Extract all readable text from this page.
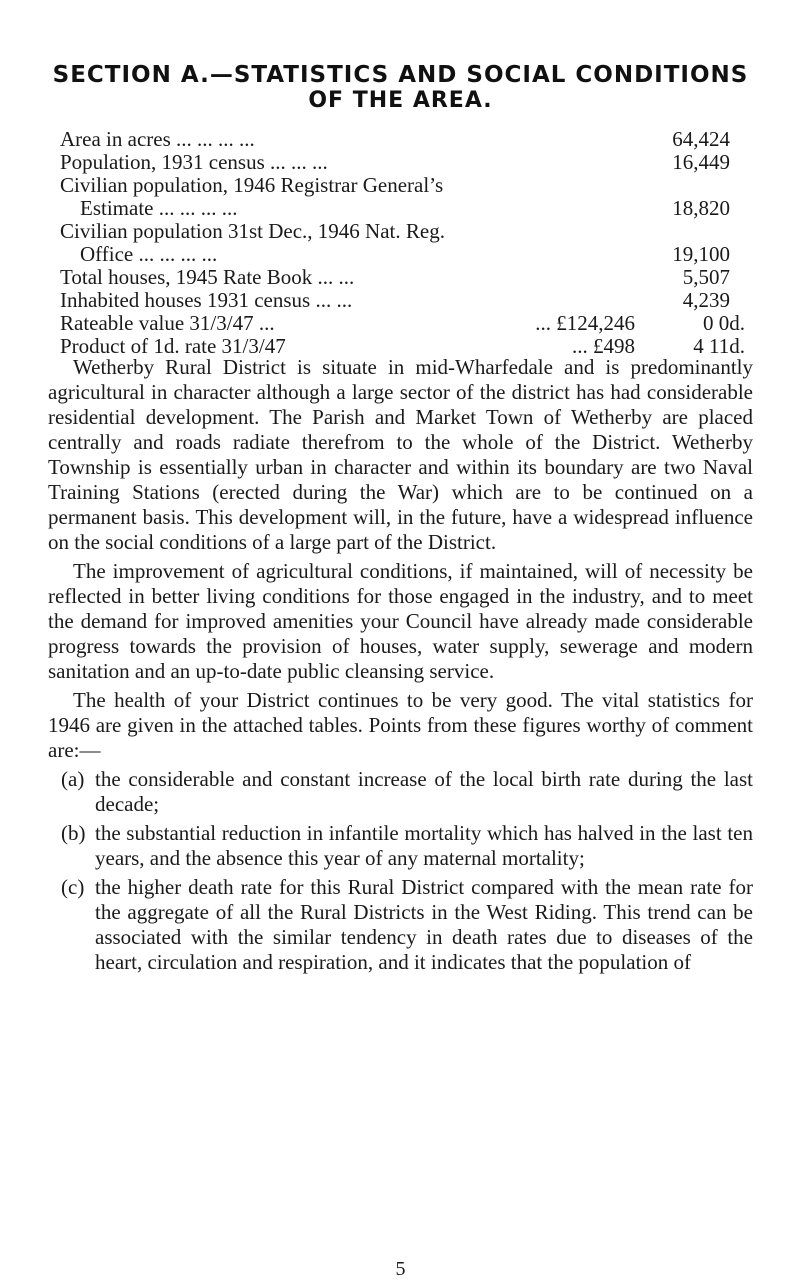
SECTION A.—STATISTICS AND SOCIAL CONDITIONS
OF THE AREA.
Area in acres ... ... ... ...	64,424
Population, 1931 census ... ... ...	16,449
Civilian population, 1946 Registrar General’s
Estimate ... ... ... ...	18,820
Civilian population 31st Dec., 1946 Nat. Reg.
Office ... ... ... ...	19,100
Total houses, 1945 Rate Book ... ...	5,507
Inhabited houses 1931 census ... ...	4,239
Rateable value 31/3/47 ...	... £124,246	0 0d.
Product of 1d. rate 31/3/47	... £498	4 11d.

Wetherby Rural District is situate in mid-Wharfedale and is predominantly agricultural in character although a large sector of the district has had considerable residential development. The Parish and Market Town of Wetherby are placed centrally and roads radiate therefrom to the whole of the District. Wetherby Township is essentially urban in character and within its boundary are two Naval Training Stations (erected during the War) which are to be continued on a permanent basis. This development will, in the future, have a widespread influence on the social conditions of a large part of the District.

The improvement of agricultural conditions, if maintained, will of necessity be reflected in better living conditions for those engaged in the industry, and to meet the demand for improved amenities your Council have already made considerable progress towards the provision of houses, water supply, sewerage and modern sanitation and an up-to-date public cleansing service.

The health of your District continues to be very good. The vital statistics for 1946 are given in the attached tables. Points from these figures worthy of comment are:—

(a) the considerable and constant increase of the local birth rate during the last decade;
(b) the substantial reduction in infantile mortality which has halved in the last ten years, and the absence this year of any maternal mortality;
(c) the higher death rate for this Rural District compared with the mean rate for the aggregate of all the Rural Districts in the West Riding. This trend can be associated with the similar tendency in death rates due to diseases of the heart, circulation and respiration, and it indicates that the population of
5
